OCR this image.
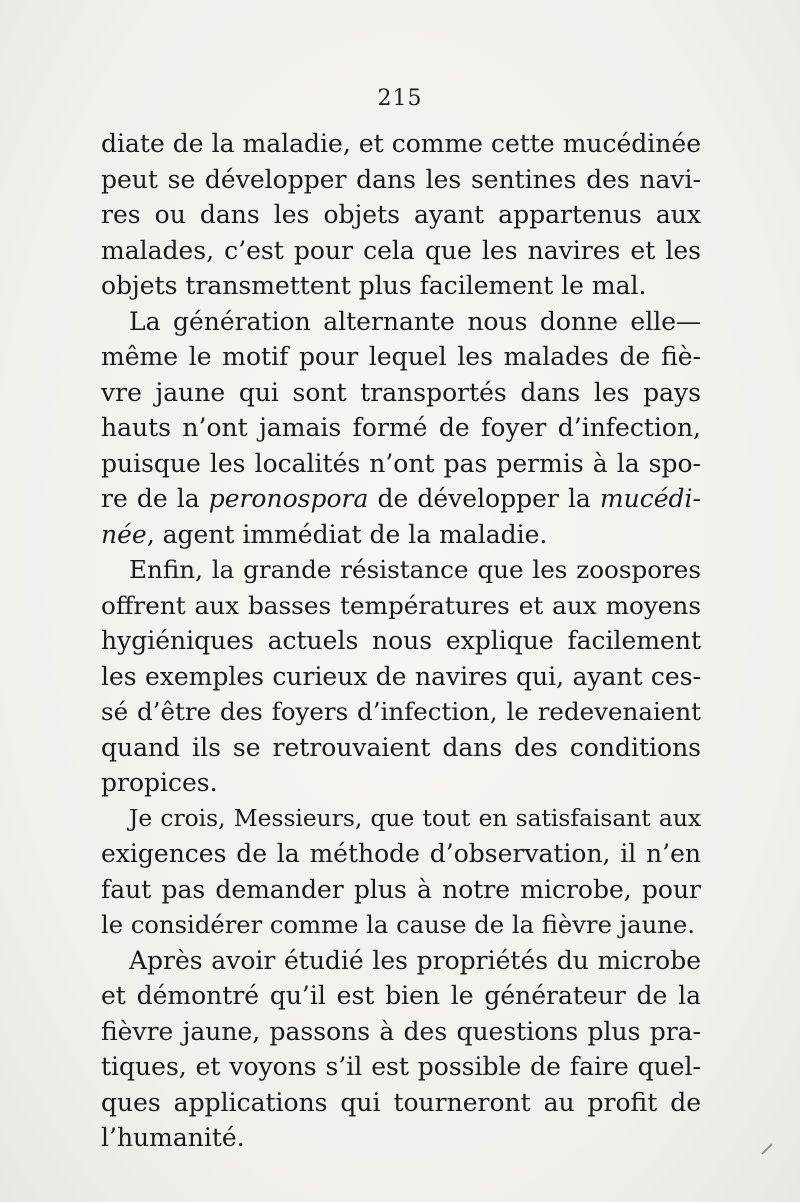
215
diate de la maladie, et comme cette mucédinée
peut se développer dans les sentines des navi-
res ou dans les objets ayant appartenus aux
malades, c’est pour cela que les navires et les
objets transmettent plus facilement le mal.
La génération alternante nous donne elle—
même le motif pour lequel les malades de fiè-
vre jaune qui sont transportés dans les pays
hauts n’ont jamais formé de foyer d’infection,
puisque les localités n’ont pas permis à la spo-
re de la peronospora de développer la mucédi-
née, agent immédiat de la maladie.
Enfin, la grande résistance que les zoospores
offrent aux basses températures et aux moyens
hygiéniques actuels nous explique facilement
les exemples curieux de navires qui, ayant ces-
sé d’être des foyers d’infection, le redevenaient
quand ils se retrouvaient dans des conditions
propices.
Je crois, Messieurs, que tout en satisfaisant aux
exigences de la méthode d’observation, il n’en
faut pas demander plus à notre microbe, pour
le considérer comme la cause de la fièvre jaune.
Après avoir étudié les propriétés du microbe
et démontré qu’il est bien le générateur de la
fièvre jaune, passons à des questions plus pra-
tiques, et voyons s’il est possible de faire quel-
ques applications qui tourneront au profit de
l’humanité.
